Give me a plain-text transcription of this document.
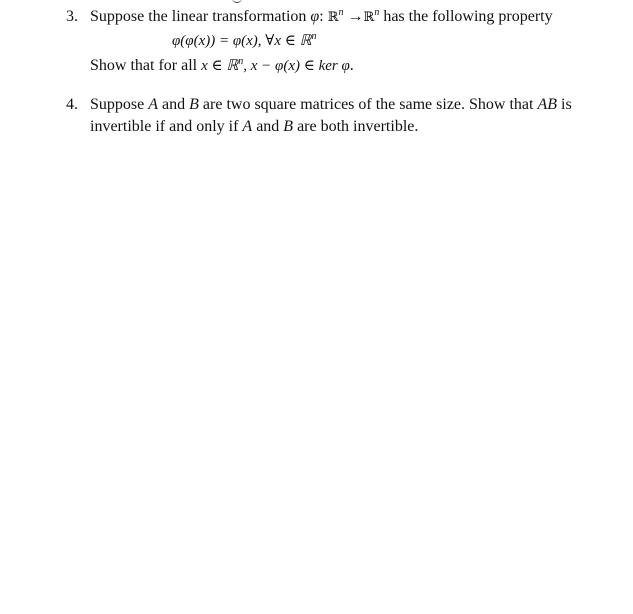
3. Suppose the linear transformation φ: ℝ$^n$ →ℝ$^n$ has the following property
φ(φ(x)) = φ(x), ∀x ∈ ℝ$^n$
Show that for all x ∈ ℝ$^n$, x − φ(x) ∈ ker φ.
4. Suppose A and B are two square matrices of the same size. Show that AB is
invertible if and only if A and B are both invertible.
